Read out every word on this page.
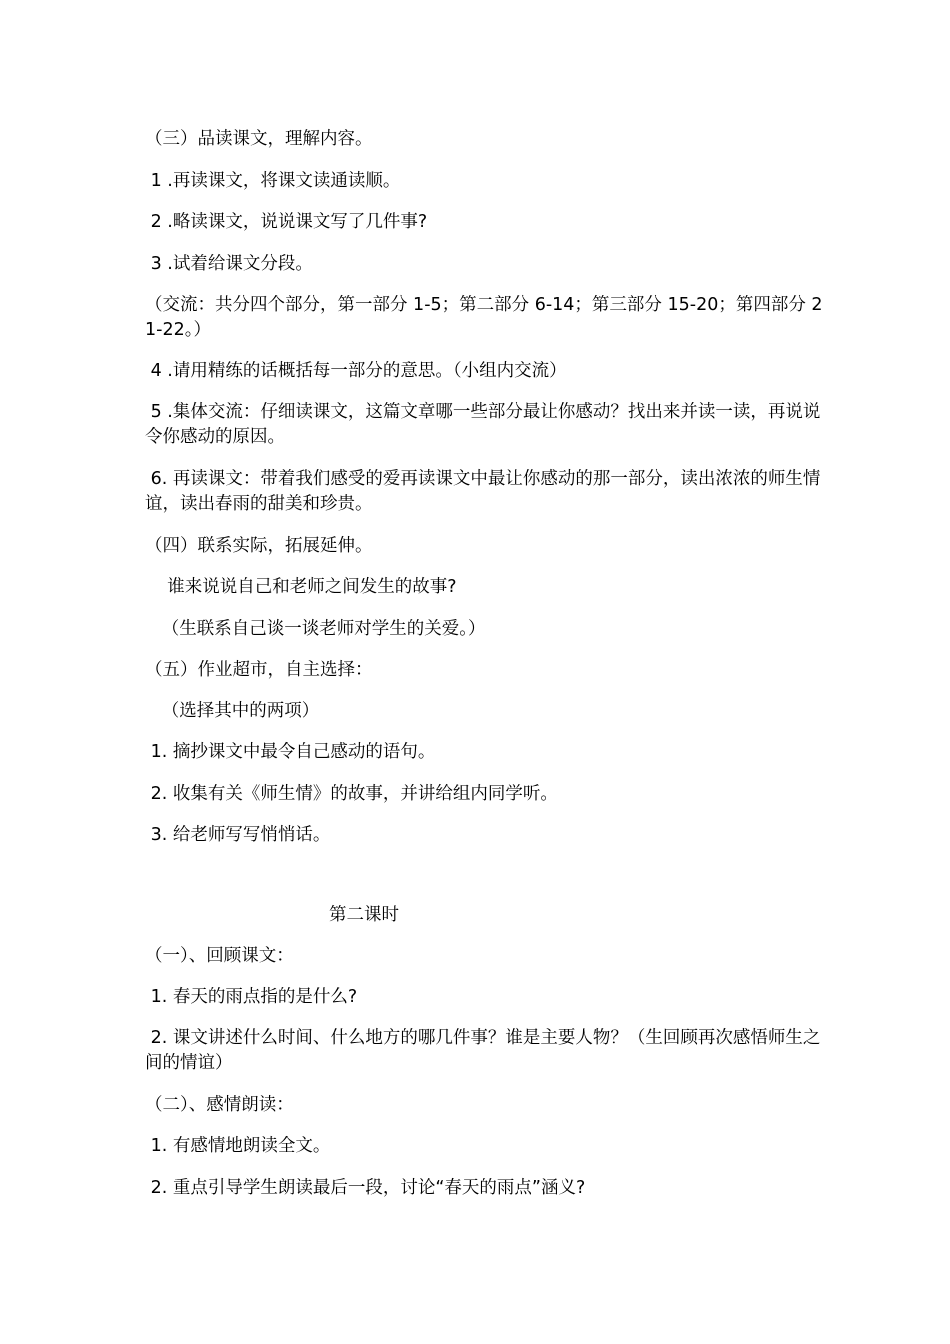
（三）品读课文，理解内容。
1 .再读课文，将课文读通读顺。
2 .略读课文，说说课文写了几件事?
3 .试着给课文分段。
（交流：共分四个部分，第一部分 1-5；第二部分 6-14；第三部分 15-20；第四部分 21-22。）
4 .请用精练的话概括每一部分的意思。（小组内交流）
5 .集体交流：仔细读课文，这篇文章哪一些部分最让你感动？找出来并读一读，再说说令你感动的原因。
6. 再读课文：带着我们感受的爱再读课文中最让你感动的那一部分，读出浓浓的师生情谊，读出春雨的甜美和珍贵。
（四）联系实际，拓展延伸。
谁来说说自己和老师之间发生的故事?
（生联系自己谈一谈老师对学生的关爱。）
（五）作业超市，自主选择：
（选择其中的两项）
1. 摘抄课文中最令自己感动的语句。
2. 收集有关《师生情》的故事，并讲给组内同学听。
3. 给老师写写悄悄话。
第二课时
（一）、回顾课文：
1. 春天的雨点指的是什么?
2. 课文讲述什么时间、什么地方的哪几件事？谁是主要人物？（生回顾再次感悟师生之间的情谊）
（二）、感情朗读：
1. 有感情地朗读全文。
2. 重点引导学生朗读最后一段，讨论“春天的雨点”涵义?
